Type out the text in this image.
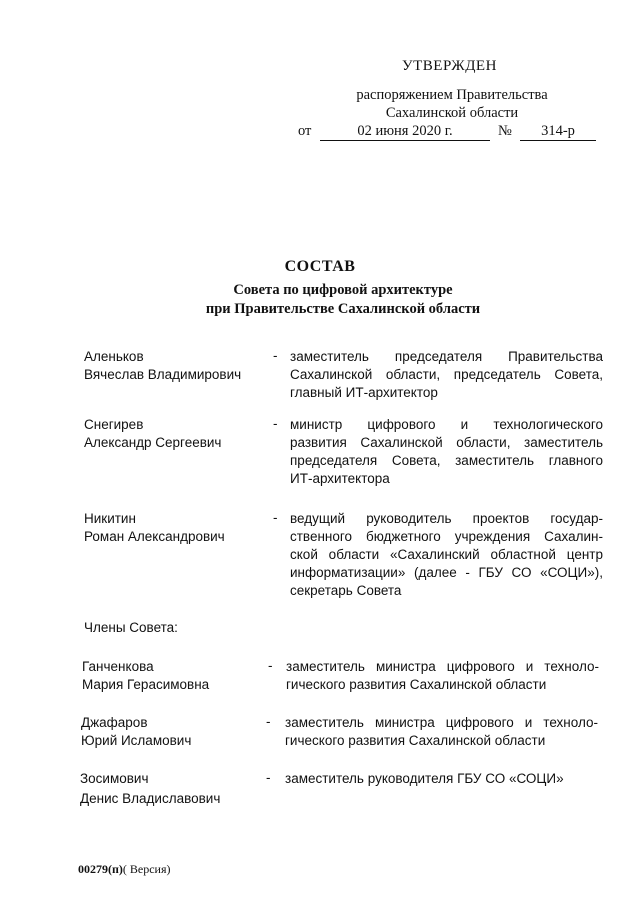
УТВЕРЖДЕН
распоряжением Правительства
Сахалинской области
от	02 июня 2020 г.	№	314-р
СОСТАВ
Совета по цифровой архитектуре
при Правительстве Сахалинской области
Аленьков
Вячеслав Владимирович
- заместитель председателя Правительства
Сахалинской области, председатель Совета,
главный ИТ-архитектор
Снегирев
Александр Сергеевич
- министр цифрового и технологического
развития Сахалинской области, заместитель
председателя Совета, заместитель главного
ИТ-архитектора
Никитин
Роман Александрович
- ведущий руководитель проектов государ-
ственного бюджетного учреждения Сахалин-
ской области «Сахалинский областной центр
информатизации» (далее - ГБУ СО «СОЦИ»),
секретарь Совета
Члены Совета:
Ганченкова
Мария Герасимовна
- заместитель министра цифрового и техноло-
гического развития Сахалинской области
Джафаров
Юрий Исламович
- заместитель министра цифрового и техноло-
гического развития Сахалинской области
Зосимович
Денис Владиславович
- заместитель руководителя ГБУ СО «СОЦИ»
00279(п)( Версия)
